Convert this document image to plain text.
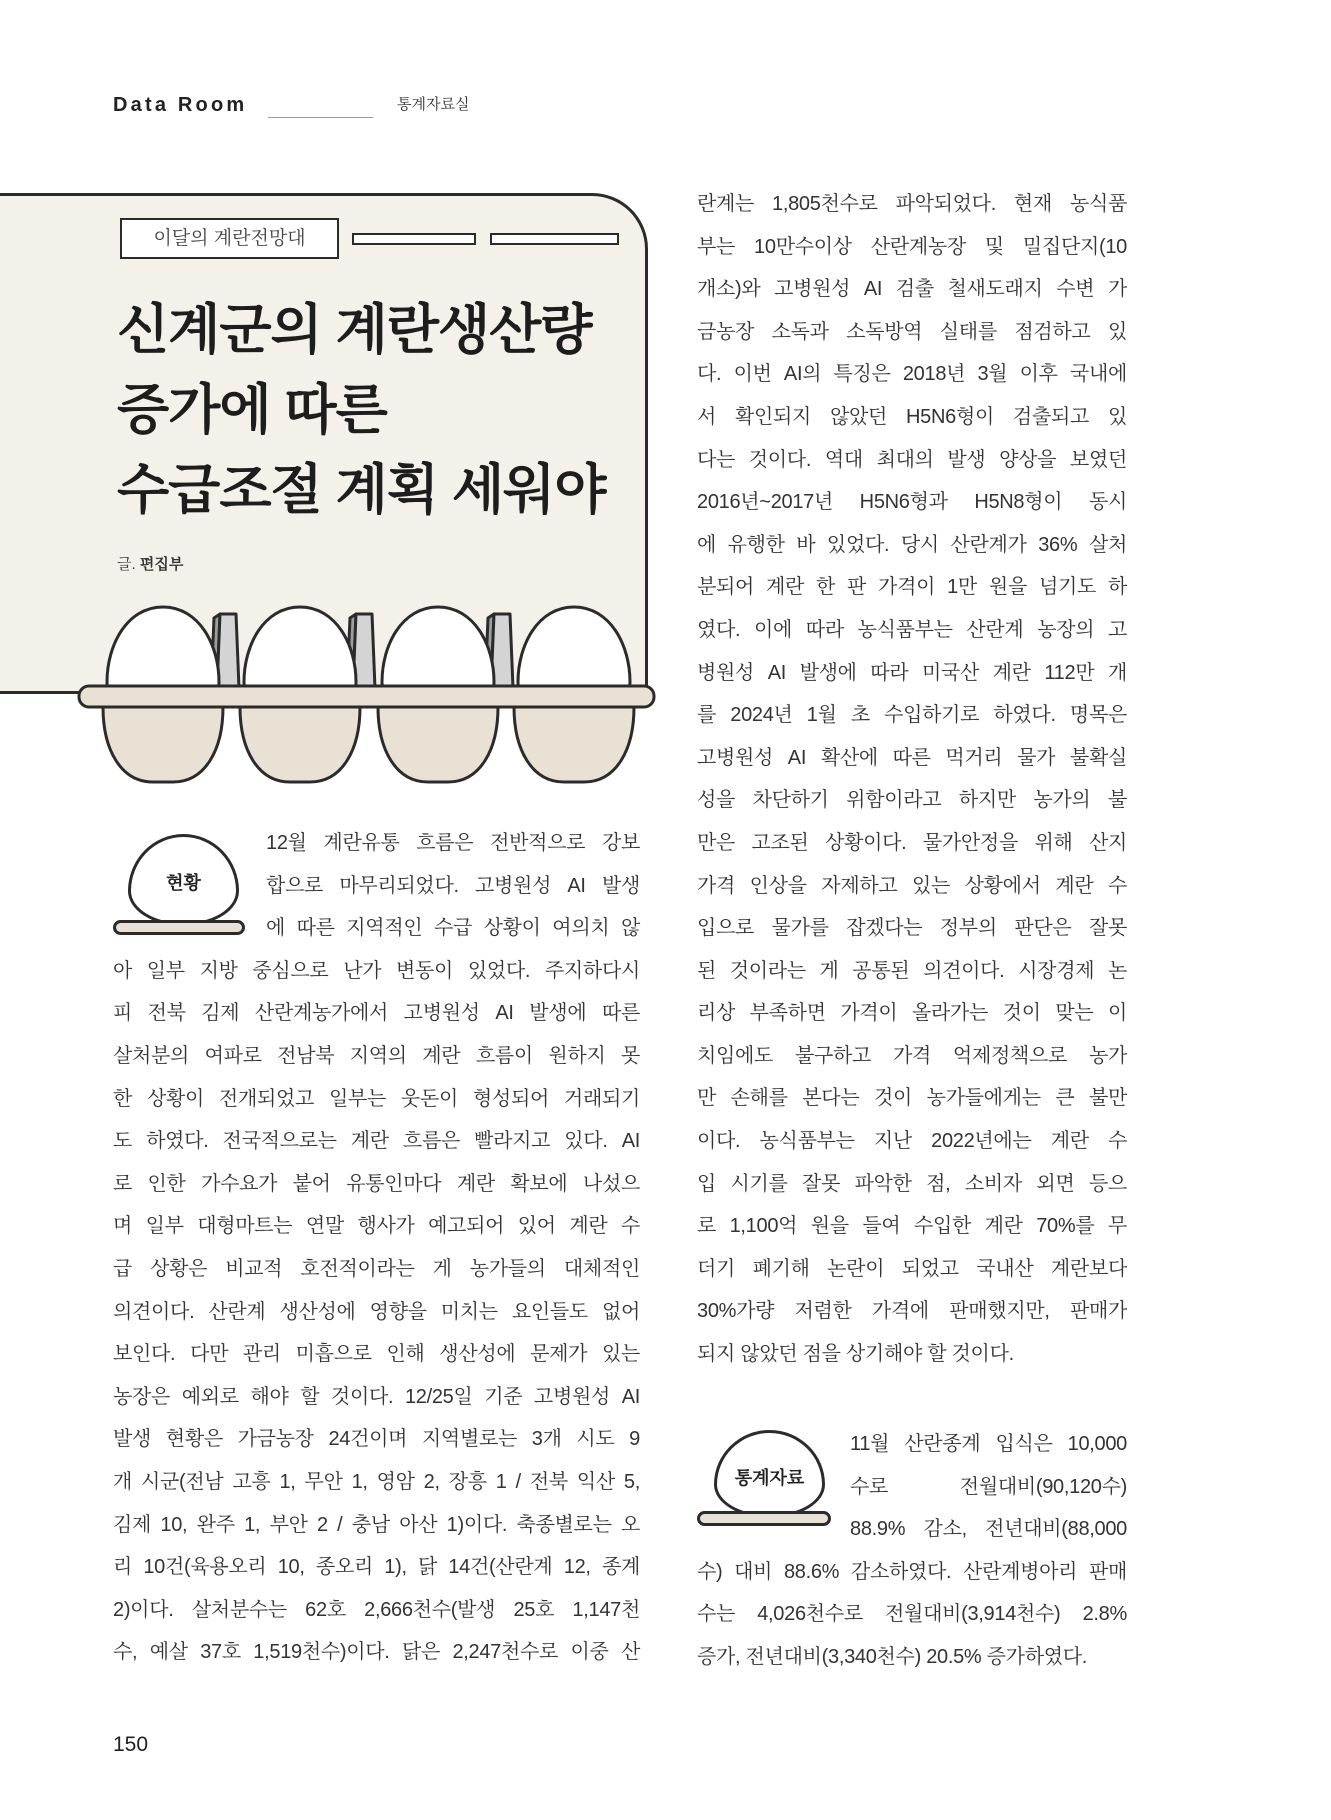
Data Room	통계자료실
이달의 계란전망대
신계군의 계란생산량
증가에 따른
수급조절 계획 세워야
글. 편집부
현황
12월 계란유통 흐름은 전반적으로 강보
합으로 마무리되었다. 고병원성 AI 발생
에 따른 지역적인 수급 상황이 여의치 않
아 일부 지방 중심으로 난가 변동이 있었다. 주지하다시
피 전북 김제 산란계농가에서 고병원성 AI 발생에 따른
살처분의 여파로 전남북 지역의 계란 흐름이 원하지 못
한 상황이 전개되었고 일부는 웃돈이 형성되어 거래되기
도 하였다. 전국적으로는 계란 흐름은 빨라지고 있다. AI
로 인한 가수요가 붙어 유통인마다 계란 확보에 나섰으
며 일부 대형마트는 연말 행사가 예고되어 있어 계란 수
급 상황은 비교적 호전적이라는 게 농가들의 대체적인
의견이다. 산란계 생산성에 영향을 미치는 요인들도 없어
보인다. 다만 관리 미흡으로 인해 생산성에 문제가 있는
농장은 예외로 해야 할 것이다. 12/25일 기준 고병원성 AI
발생 현황은 가금농장 24건이며 지역별로는 3개 시도 9
개 시군(전남 고흥 1, 무안 1, 영암 2, 장흥 1 / 전북 익산 5,
김제 10, 완주 1, 부안 2 / 충남 아산 1)이다. 축종별로는 오
리 10건(육용오리 10, 종오리 1), 닭 14건(산란계 12, 종계
2)이다. 살처분수는 62호 2,666천수(발생 25호 1,147천
수, 예살 37호 1,519천수)이다. 닭은 2,247천수로 이중 산
란계는 1,805천수로 파악되었다. 현재 농식품
부는 10만수이상 산란계농장 및 밀집단지(10
개소)와 고병원성 AI 검출 철새도래지 수변 가
금농장 소독과 소독방역 실태를 점검하고 있
다. 이번 AI의 특징은 2018년 3월 이후 국내에
서 확인되지 않았던 H5N6형이 검출되고 있
다는 것이다. 역대 최대의 발생 양상을 보였던
2016년~2017년 H5N6형과 H5N8형이 동시
에 유행한 바 있었다. 당시 산란계가 36% 살처
분되어 계란 한 판 가격이 1만 원을 넘기도 하
였다. 이에 따라 농식품부는 산란계 농장의 고
병원성 AI 발생에 따라 미국산 계란 112만 개
를 2024년 1월 초 수입하기로 하였다. 명목은
고병원성 AI 확산에 따른 먹거리 물가 불확실
성을 차단하기 위함이라고 하지만 농가의 불
만은 고조된 상황이다. 물가안정을 위해 산지
가격 인상을 자제하고 있는 상황에서 계란 수
입으로 물가를 잡겠다는 정부의 판단은 잘못
된 것이라는 게 공통된 의견이다. 시장경제 논
리상 부족하면 가격이 올라가는 것이 맞는 이
치임에도 불구하고 가격 억제정책으로 농가
만 손해를 본다는 것이 농가들에게는 큰 불만
이다. 농식품부는 지난 2022년에는 계란 수
입 시기를 잘못 파악한 점, 소비자 외면 등으
로 1,100억 원을 들여 수입한 계란 70%를 무
더기 폐기해 논란이 되었고 국내산 계란보다
30%가량 저렴한 가격에 판매했지만, 판매가
되지 않았던 점을 상기해야 할 것이다.
통계자료
11월 산란종계 입식은 10,000
수로 전월대비(90,120수)
88.9% 감소, 전년대비(88,000
수) 대비 88.6% 감소하였다. 산란계병아리 판매
수는 4,026천수로 전월대비(3,914천수) 2.8%
증가, 전년대비(3,340천수) 20.5% 증가하였다.
150
